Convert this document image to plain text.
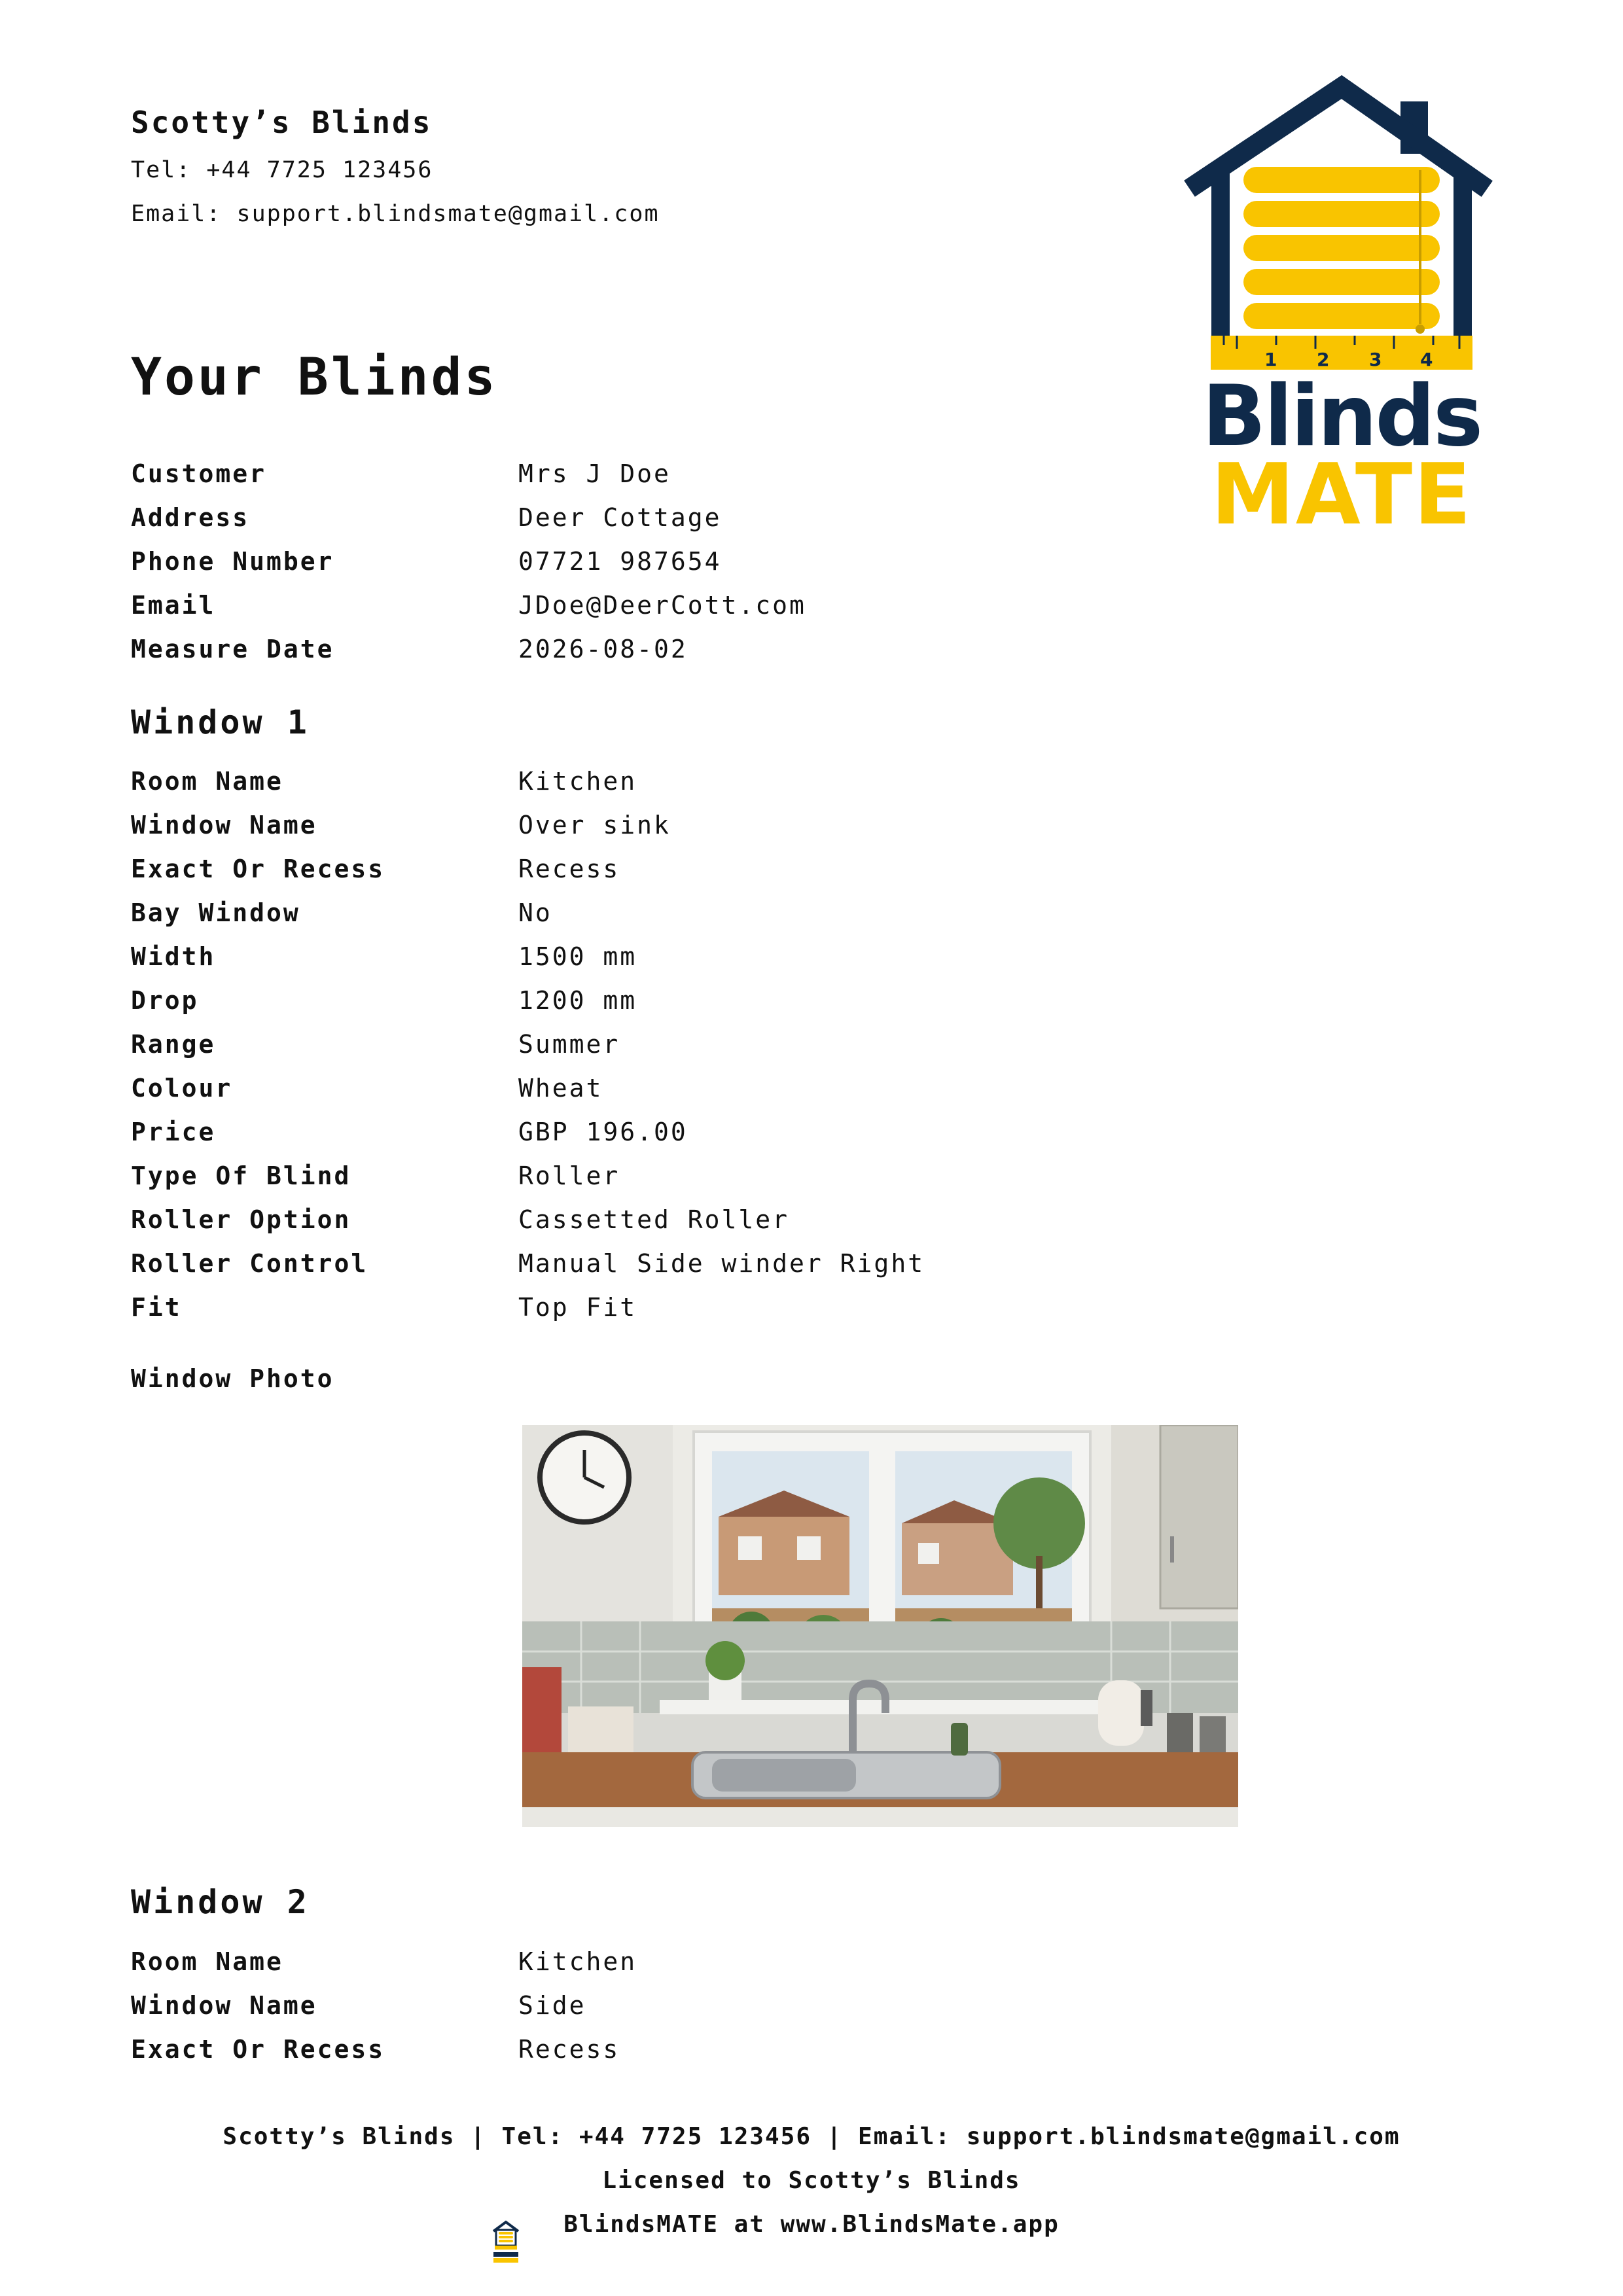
Scotty’s Blinds
Tel: +44 7725 123456
Email: support.blindsmate@gmail.com
1 2 3 4
Blinds
MATE
Your Blinds
Customer	Mrs J Doe
Address	Deer Cottage
Phone Number	07721 987654
Email	JDoe@DeerCott.com
Measure Date	2026-08-02
Window 1
Room Name	Kitchen
Window Name	Over sink
Exact Or Recess	Recess
Bay Window	No
Width	1500 mm
Drop	1200 mm
Range	Summer
Colour	Wheat
Price	GBP 196.00
Type Of Blind	Roller
Roller Option	Cassetted Roller
Roller Control	Manual Side winder Right
Fit	Top Fit
Window Photo
Window 2
Room Name	Kitchen
Window Name	Side
Exact Or Recess	Recess
Scotty’s Blinds | Tel: +44 7725 123456 | Email: support.blindsmate@gmail.com
Licensed to Scotty’s Blinds
BlindsMATE at www.BlindsMate.app
